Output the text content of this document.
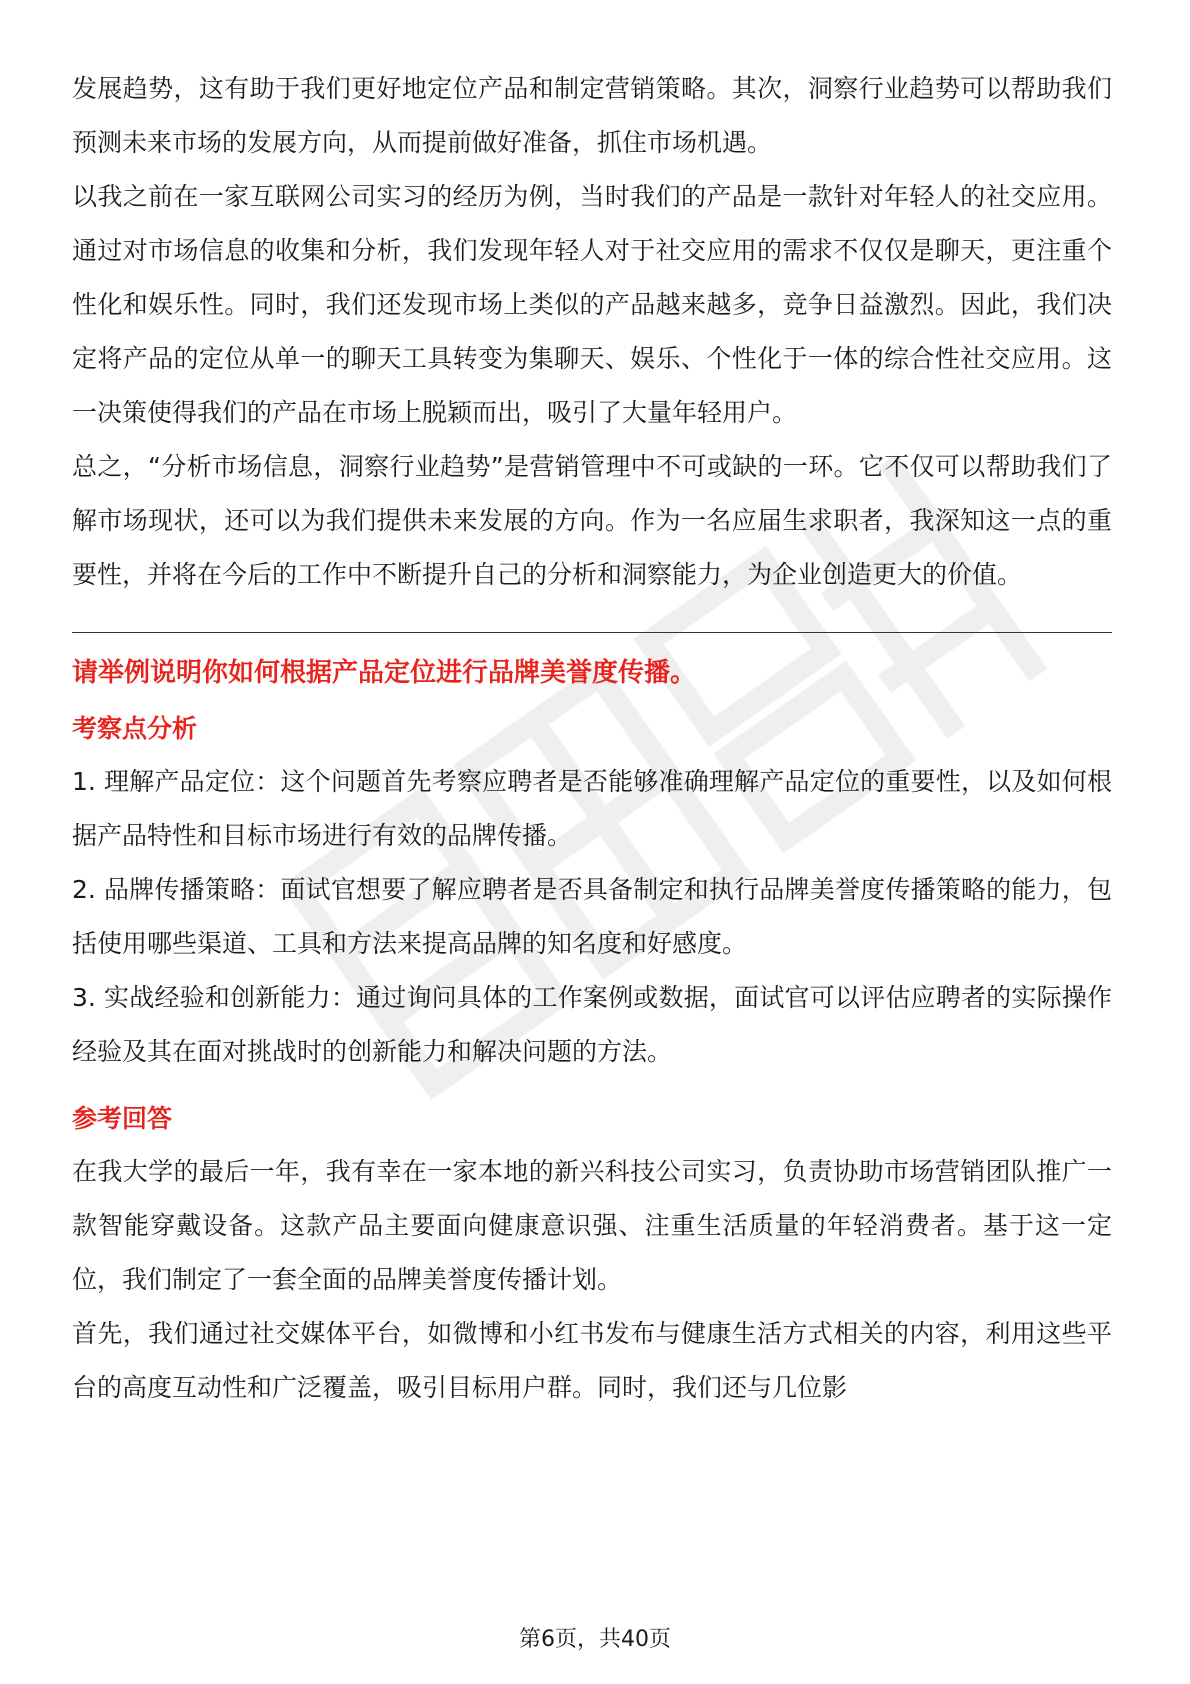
发展趋势，这有助于我们更好地定位产品和制定营销策略。其次，洞察行业趋势可以帮助我们预测未来市场的发展方向，从而提前做好准备，抓住市场机遇。

以我之前在一家互联网公司实习的经历为例，当时我们的产品是一款针对年轻人的社交应用。通过对市场信息的收集和分析，我们发现年轻人对于社交应用的需求不仅仅是聊天，更注重个性化和娱乐性。同时，我们还发现市场上类似的产品越来越多，竞争日益激烈。因此，我们决定将产品的定位从单一的聊天工具转变为集聊天、娱乐、个性化于一体的综合性社交应用。这一决策使得我们的产品在市场上脱颖而出，吸引了大量年轻用户。

总之，“分析市场信息，洞察行业趋势”是营销管理中不可或缺的一环。它不仅可以帮助我们了解市场现状，还可以为我们提供未来发展的方向。作为一名应届生求职者，我深知这一点的重要性，并将在今后的工作中不断提升自己的分析和洞察能力，为企业创造更大的价值。

请举例说明你如何根据产品定位进行品牌美誉度传播。

考察点分析

1. 理解产品定位：这个问题首先考察应聘者是否能够准确理解产品定位的重要性，以及如何根据产品特性和目标市场进行有效的品牌传播。

2. 品牌传播策略：面试官想要了解应聘者是否具备制定和执行品牌美誉度传播策略的能力，包括使用哪些渠道、工具和方法来提高品牌的知名度和好感度。

3. 实战经验和创新能力：通过询问具体的工作案例或数据，面试官可以评估应聘者的实际操作经验及其在面对挑战时的创新能力和解决问题的方法。

参考回答

在我大学的最后一年，我有幸在一家本地的新兴科技公司实习，负责协助市场营销团队推广一款智能穿戴设备。这款产品主要面向健康意识强、注重生活质量的年轻消费者。基于这一定位，我们制定了一套全面的品牌美誉度传播计划。

首先，我们通过社交媒体平台，如微博和小红书发布与健康生活方式相关的内容，利用这些平台的高度互动性和广泛覆盖，吸引目标用户群。同时，我们还与几位影

第6页，共40页
